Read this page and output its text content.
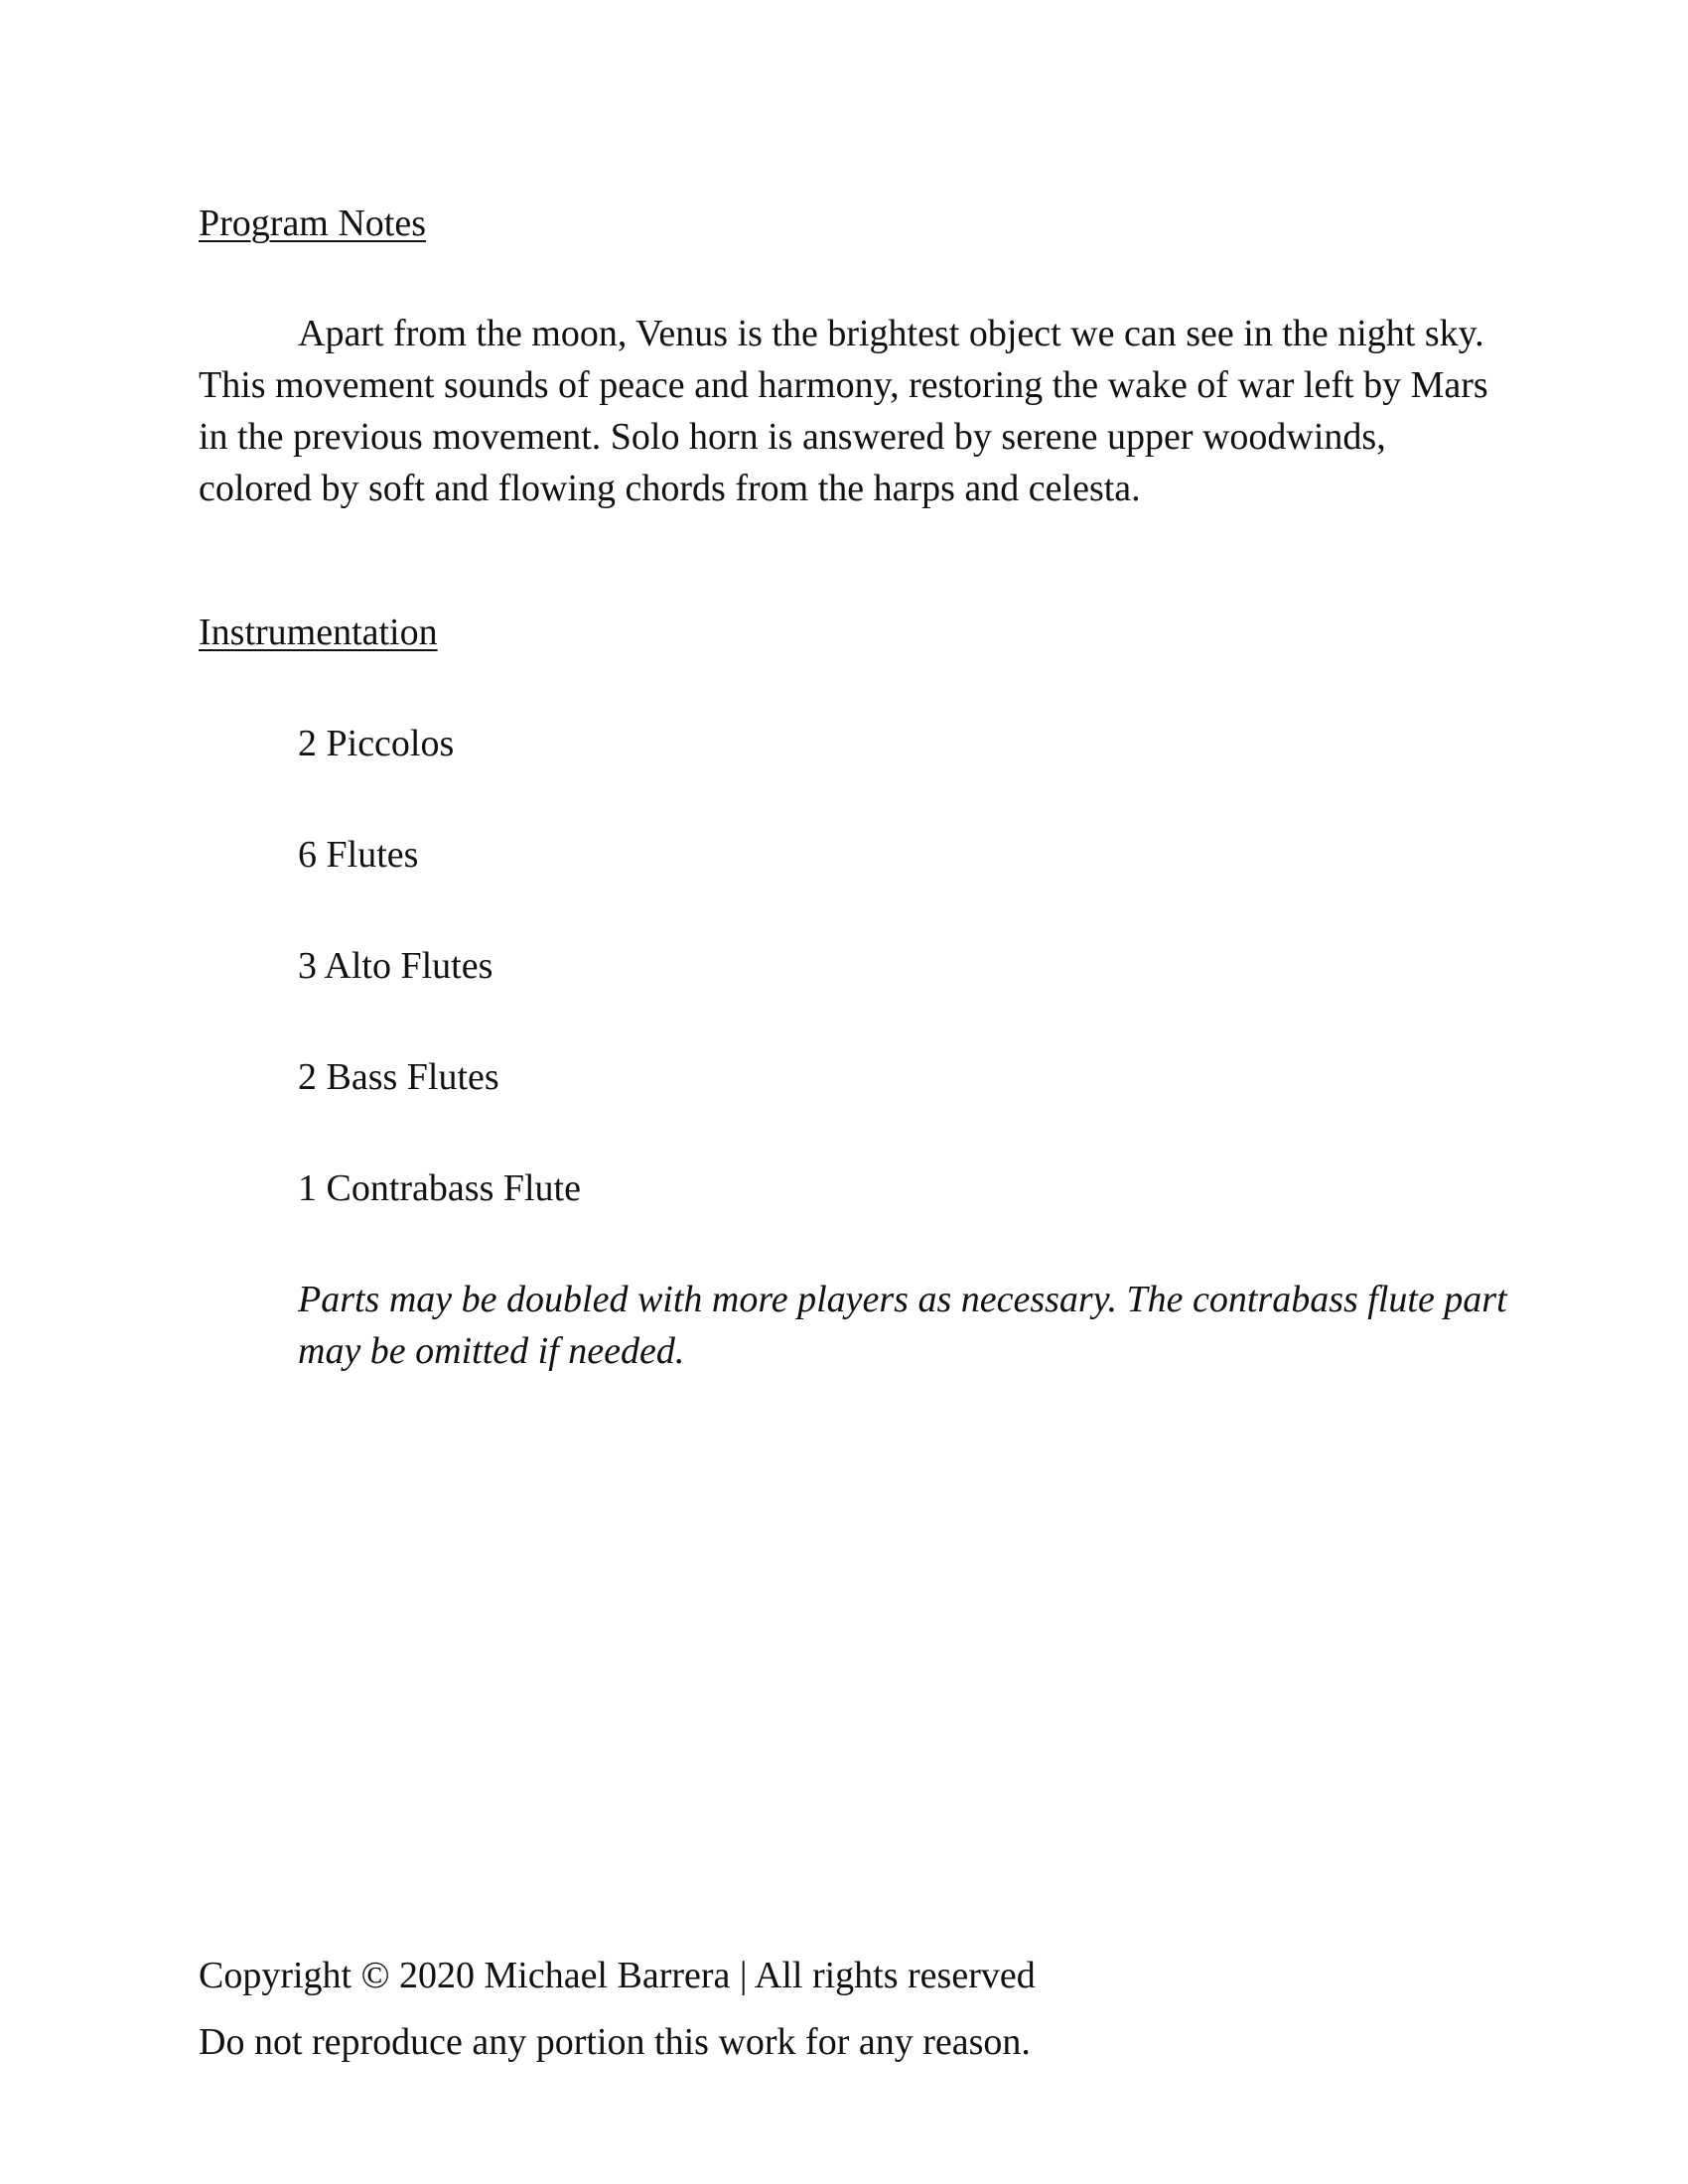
Program Notes

Apart from the moon, Venus is the brightest object we can see in the night sky. This movement sounds of peace and harmony, restoring the wake of war left by Mars in the previous movement. Solo horn is answered by serene upper woodwinds, colored by soft and flowing chords from the harps and celesta.

Instrumentation
2 Piccolos
6 Flutes
3 Alto Flutes
2 Bass Flutes
1 Contrabass Flute

Parts may be doubled with more players as necessary. The contrabass flute part may be omitted if needed.

Copyright © 2020 Michael Barrera | All rights reserved

Do not reproduce any portion this work for any reason.
